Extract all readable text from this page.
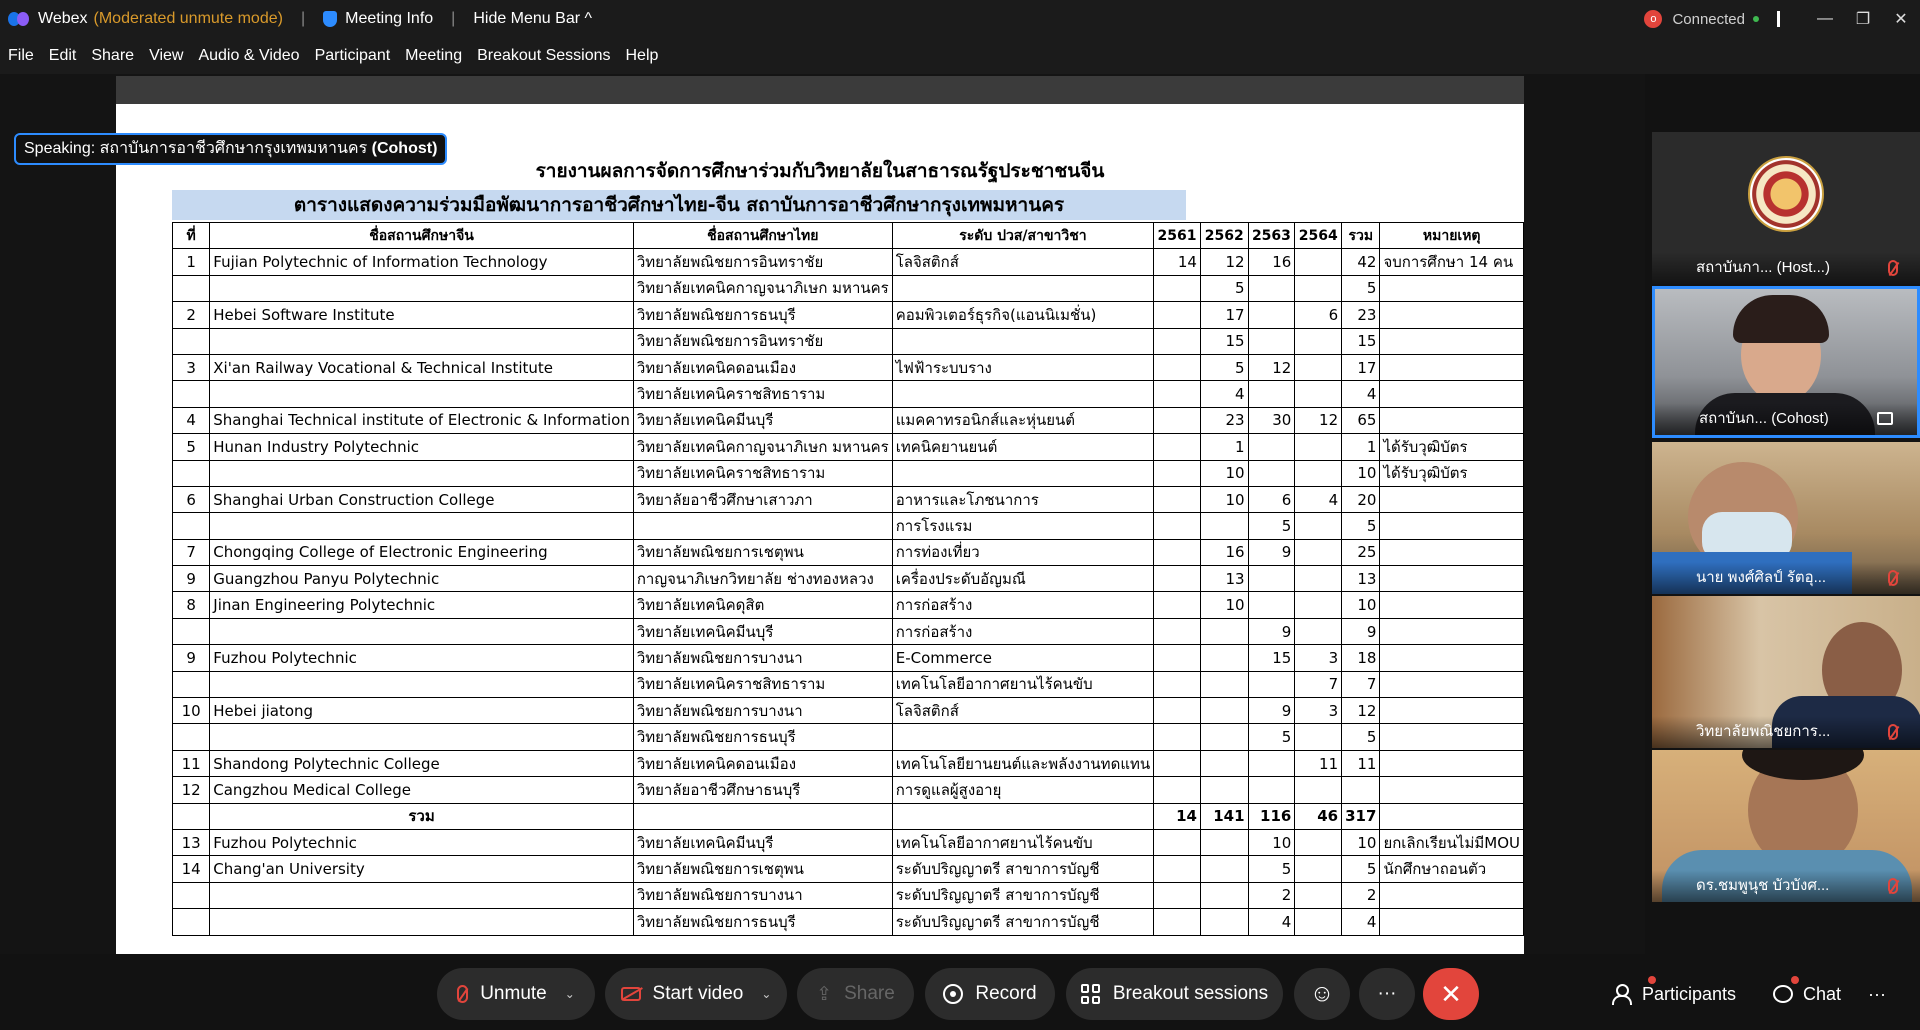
Webex (Moderated unmute mode) |	Meeting Info | Hide Menu Bar ^	o	Connected	—	❐	✕
File Edit Share View Audio & Video Participant Meeting Breakout Sessions Help
รายงานผลการจัดการศึกษาร่วมกับวิทยาลัยในสาธารณรัฐประชาชนจีน
ตารางแสดงความร่วมมือพัฒนาการอาชีวศึกษาไทย-จีน สถาบันการอาชีวศึกษากรุงเทพมหานคร
ที่	ชื่อสถานศึกษาจีน	ชื่อสถานศึกษาไทย	ระดับ ปวส/สาขาวิชา	2561	2562	2563	2564	รวม	หมายเหตุ
1	Fujian Polytechnic of Information Technology	วิทยาลัยพณิชยการอินทราชัย	โลจิสติกส์	14	12	16		42	จบการศึกษา 14 คน
		วิทยาลัยเทคนิคกาญจนาภิเษก มหานคร			5			5	
2	Hebei Software Institute	วิทยาลัยพณิชยการธนบุรี	คอมพิวเตอร์ธุรกิจ(แอนนิเมชั่น)		17		6	23	
		วิทยาลัยพณิชยการอินทราชัย			15			15	
3	Xi'an Railway Vocational & Technical Institute	วิทยาลัยเทคนิคดอนเมือง	ไฟฟ้าระบบราง		5	12		17	
		วิทยาลัยเทคนิคราชสิทธาราม			4			4	
4	Shanghai Technical institute of Electronic & Information	วิทยาลัยเทคนิคมีนบุรี	แมคคาทรอนิกส์และหุ่นยนต์		23	30	12	65	
5	Hunan Industry Polytechnic	วิทยาลัยเทคนิคกาญจนาภิเษก มหานคร	เทคนิคยานยนต์		1			1	ได้รับวุฒิบัตร
		วิทยาลัยเทคนิคราชสิทธาราม			10			10	ได้รับวุฒิบัตร
6	Shanghai Urban Construction College	วิทยาลัยอาชีวศึกษาเสาวภา	อาหารและโภชนาการ		10	6	4	20	
			การโรงแรม			5		5	
7	Chongqing College of Electronic Engineering	วิทยาลัยพณิชยการเชตุพน	การท่องเที่ยว		16	9		25	
9	Guangzhou Panyu Polytechnic	กาญจนาภิเษกวิทยาลัย ช่างทองหลวง	เครื่องประดับอัญมณี		13			13	
8	Jinan Engineering Polytechnic	วิทยาลัยเทคนิคดุสิต	การก่อสร้าง		10			10	
		วิทยาลัยเทคนิคมีนบุรี	การก่อสร้าง			9		9	
9	Fuzhou Polytechnic	วิทยาลัยพณิชยการบางนา	E-Commerce			15	3	18	
		วิทยาลัยเทคนิคราชสิทธาราม	เทคโนโลยีอากาศยานไร้คนขับ				7	7	
10	Hebei jiatong	วิทยาลัยพณิชยการบางนา	โลจิสติกส์			9	3	12	
		วิทยาลัยพณิชยการธนบุรี				5		5	
11	Shandong Polytechnic College	วิทยาลัยเทคนิคดอนเมือง	เทคโนโลยียานยนต์และพลังงานทดแทน				11	11	
12	Cangzhou Medical College	วิทยาลัยอาชีวศึกษาธนบุรี	การดูแลผู้สูงอายุ						
	รวม			14	141	116	46	317	
13	Fuzhou Polytechnic	วิทยาลัยเทคนิคมีนบุรี	เทคโนโลยีอากาศยานไร้คนขับ			10		10	ยกเลิกเรียนไม่มีMOU
14	Chang'an University	วิทยาลัยพณิชยการเชตุพน	ระดับปริญญาตรี สาขาการบัญชี			5		5	นักศึกษาถอนตัว
		วิทยาลัยพณิชยการบางนา	ระดับปริญญาตรี สาขาการบัญชี			2		2	
		วิทยาลัยพณิชยการธนบุรี	ระดับปริญญาตรี สาขาการบัญชี			4		4	
Speaking: สถาบันการอาชีวศึกษากรุงเทพมหานคร (Cohost)
สถาบันกา... (Host...)
สถาบันก... (Cohost)
นาย พงศ์ศิลป์ รัตอุ...
วิทยาลัยพณิชยการ...
ดร.ชมพูนุช บัวบังศ...
Unmute ⌄	Start video ⌄ ⇪ Share	Record	Breakout sessions ☺ ···	✕	Participants	Chat ···
